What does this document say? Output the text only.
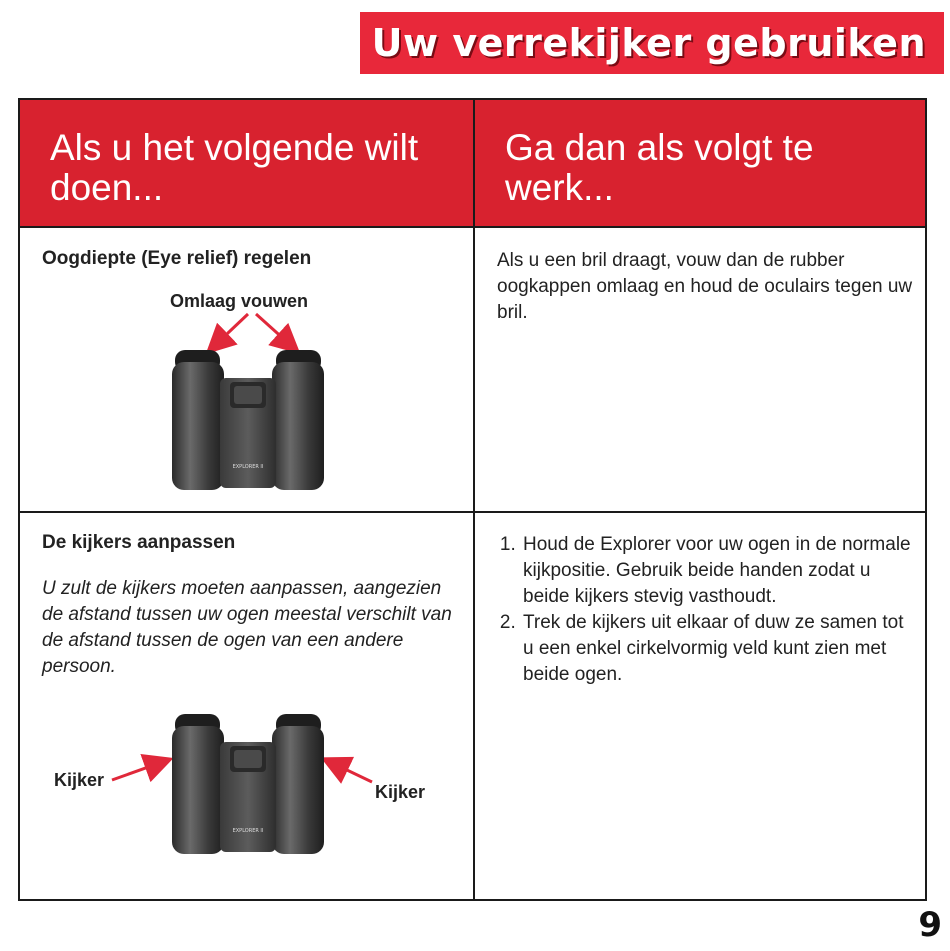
Uw verrekijker gebruiken
Als u het volgende wilt doen...
Ga dan als volgt te werk...
Oogdiepte (Eye relief) regelen
Omlaag vouwen
EXPLORER II
Als u een bril draagt, vouw dan de rubber oogkappen omlaag en houd de oculairs tegen uw bril.
De kijkers aanpassen
U zult de kijkers moeten aanpassen, aangezien de afstand tussen uw ogen meestal verschilt van de afstand tussen de ogen van een andere persoon.
Kijker
Kijker
EXPLORER II
1. Houd de Explorer voor uw ogen in de normale kijkpositie. Gebruik beide handen zodat u beide kijkers stevig vasthoudt.
2. Trek de kijkers uit elkaar of duw ze samen tot u een enkel cirkelvormig veld kunt zien met beide ogen.
9
